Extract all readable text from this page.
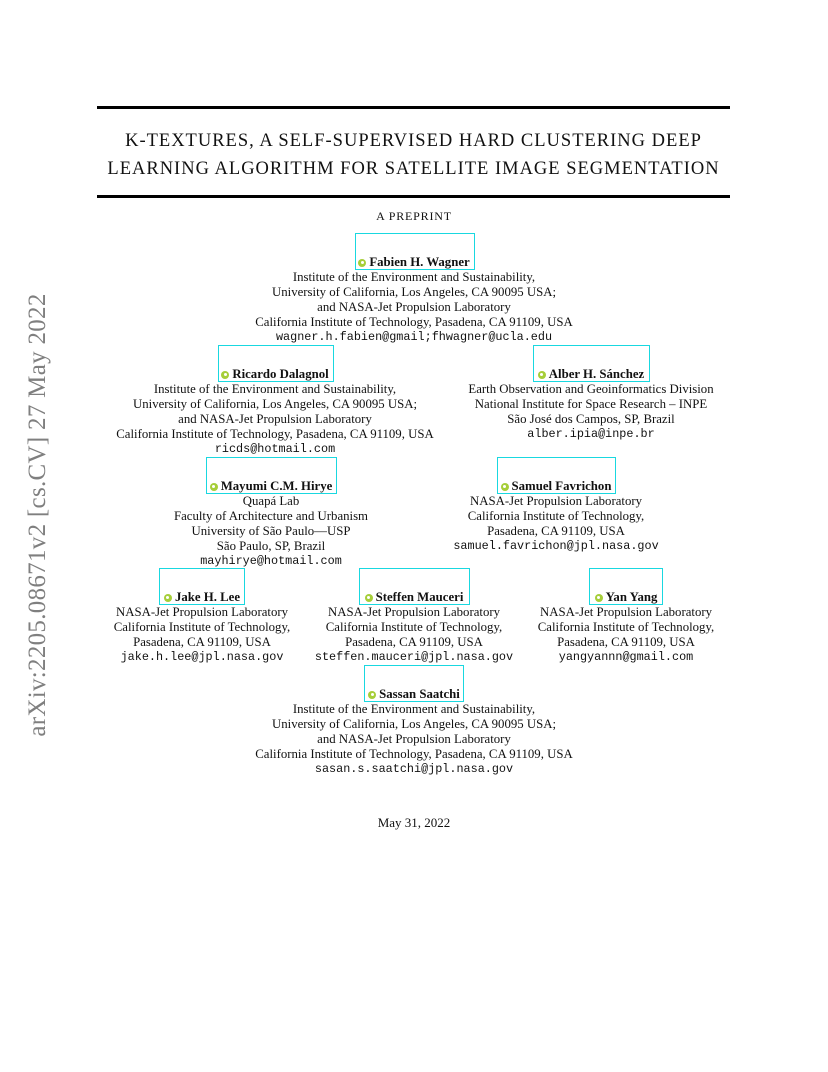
arXiv:2205.08671v2 [cs.CV] 27 May 2022
K-TEXTURES, A SELF-SUPERVISED HARD CLUSTERING DEEP
LEARNING ALGORITHM FOR SATELLITE IMAGE SEGMENTATION
A PREPRINT
Fabien H. Wagner
Institute of the Environment and Sustainability,
University of California, Los Angeles, CA 90095 USA;
and NASA-Jet Propulsion Laboratory
California Institute of Technology, Pasadena, CA 91109, USA
wagner.h.fabien@gmail;fhwagner@ucla.edu
Ricardo Dalagnol
Institute of the Environment and Sustainability,
University of California, Los Angeles, CA 90095 USA;
and NASA-Jet Propulsion Laboratory
California Institute of Technology, Pasadena, CA 91109, USA
ricds@hotmail.com
Alber H. Sánchez
Earth Observation and Geoinformatics Division
National Institute for Space Research – INPE
São José dos Campos, SP, Brazil
alber.ipia@inpe.br
Mayumi C.M. Hirye
Quapá Lab
Faculty of Architecture and Urbanism
University of São Paulo—USP
São Paulo, SP, Brazil
mayhirye@hotmail.com
Samuel Favrichon
NASA-Jet Propulsion Laboratory
California Institute of Technology,
Pasadena, CA 91109, USA
samuel.favrichon@jpl.nasa.gov
Jake H. Lee
NASA-Jet Propulsion Laboratory
California Institute of Technology,
Pasadena, CA 91109, USA
jake.h.lee@jpl.nasa.gov
Steffen Mauceri
NASA-Jet Propulsion Laboratory
California Institute of Technology,
Pasadena, CA 91109, USA
steffen.mauceri@jpl.nasa.gov
Yan Yang
NASA-Jet Propulsion Laboratory
California Institute of Technology,
Pasadena, CA 91109, USA
yangyannn@gmail.com
Sassan Saatchi
Institute of the Environment and Sustainability,
University of California, Los Angeles, CA 90095 USA;
and NASA-Jet Propulsion Laboratory
California Institute of Technology, Pasadena, CA 91109, USA
sasan.s.saatchi@jpl.nasa.gov
May 31, 2022
